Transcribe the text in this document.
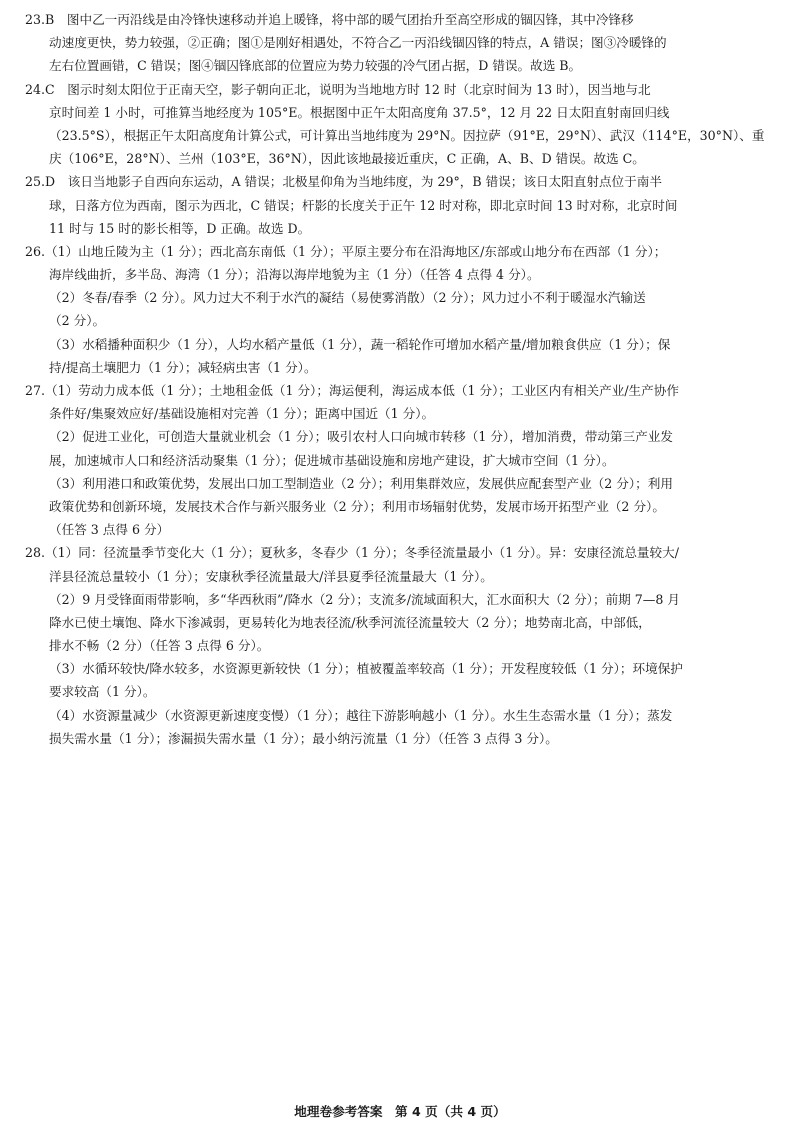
23.B　图中乙一丙沿线是由冷锋快速移动并追上暖锋，将中部的暖气团抬升至高空形成的锢囚锋，其中冷锋移
动速度更快，势力较强，②正确；图①是刚好相遇处，不符合乙一丙沿线锢囚锋的特点，A 错误；图③冷暖锋的
左右位置画错，C 错误；图④锢囚锋底部的位置应为势力较强的冷气团占据，D 错误。故选 B。
24.C　图示时刻太阳位于正南天空，影子朝向正北，说明为当地地方时 12 时（北京时间为 13 时），因当地与北
京时间差 1 小时，可推算当地经度为 105°E。根据图中正午太阳高度角 37.5°，12 月 22 日太阳直射南回归线
（23.5°S），根据正午太阳高度角计算公式，可计算出当地纬度为 29°N。因拉萨（91°E，29°N）、武汉（114°E，30°N）、重
庆（106°E，28°N）、兰州（103°E，36°N），因此该地最接近重庆，C 正确，A、B、D 错误。故选 C。
25.D　该日当地影子自西向东运动，A 错误；北极星仰角为当地纬度，为 29°，B 错误；该日太阳直射点位于南半
球，日落方位为西南，图示为西北，C 错误；杆影的长度关于正午 12 时对称，即北京时间 13 时对称，北京时间
11 时与 15 时的影长相等，D 正确。故选 D。
26.（1）山地丘陵为主（1 分）；西北高东南低（1 分）；平原主要分布在沿海地区/东部或山地分布在西部（1 分）；
海岸线曲折，多半岛、海湾（1 分）；沿海以海岸地貌为主（1 分）（任答 4 点得 4 分）。
（2）冬春/春季（2 分）。风力过大不利于水汽的凝结（易使雾消散）（2 分）；风力过小不利于暖湿水汽输送
（2 分）。
（3）水稻播种面积少（1 分），人均水稻产量低（1 分），蔬一稻轮作可增加水稻产量/增加粮食供应（1 分）；保
持/提高土壤肥力（1 分）；减轻病虫害（1 分）。
27.（1）劳动力成本低（1 分）；土地租金低（1 分）；海运便利，海运成本低（1 分）；工业区内有相关产业/生产协作
条件好/集聚效应好/基础设施相对完善（1 分）；距离中国近（1 分）。
（2）促进工业化，可创造大量就业机会（1 分）；吸引农村人口向城市转移（1 分），增加消费，带动第三产业发
展，加速城市人口和经济活动聚集（1 分）；促进城市基础设施和房地产建设，扩大城市空间（1 分）。
（3）利用港口和政策优势，发展出口加工型制造业（2 分）；利用集群效应，发展供应配套型产业（2 分）；利用
政策优势和创新环境，发展技术合作与新兴服务业（2 分）；利用市场辐射优势，发展市场开拓型产业（2 分）。
（任答 3 点得 6 分）
28.（1）同：径流量季节变化大（1 分）；夏秋多，冬春少（1 分）；冬季径流量最小（1 分）。异：安康径流总量较大/
洋县径流总量较小（1 分）；安康秋季径流量最大/洋县夏季径流量最大（1 分）。
（2）9 月受锋面雨带影响，多“华西秋雨”/降水（2 分）；支流多/流域面积大，汇水面积大（2 分）；前期 7—8 月
降水已使土壤饱、降水下渗减弱，更易转化为地表径流/秋季河流径流量较大（2 分）；地势南北高，中部低，
排水不畅（2 分）（任答 3 点得 6 分）。
（3）水循环较快/降水较多，水资源更新较快（1 分）；植被覆盖率较高（1 分）；开发程度较低（1 分）；环境保护
要求较高（1 分）。
（4）水资源量减少（水资源更新速度变慢）（1 分）；越往下游影响越小（1 分）。水生生态需水量（1 分）；蒸发
损失需水量（1 分）；渗漏损失需水量（1 分）；最小纳污流量（1 分）（任答 3 点得 3 分）。
地理卷参考答案　第 4 页（共 4 页）
